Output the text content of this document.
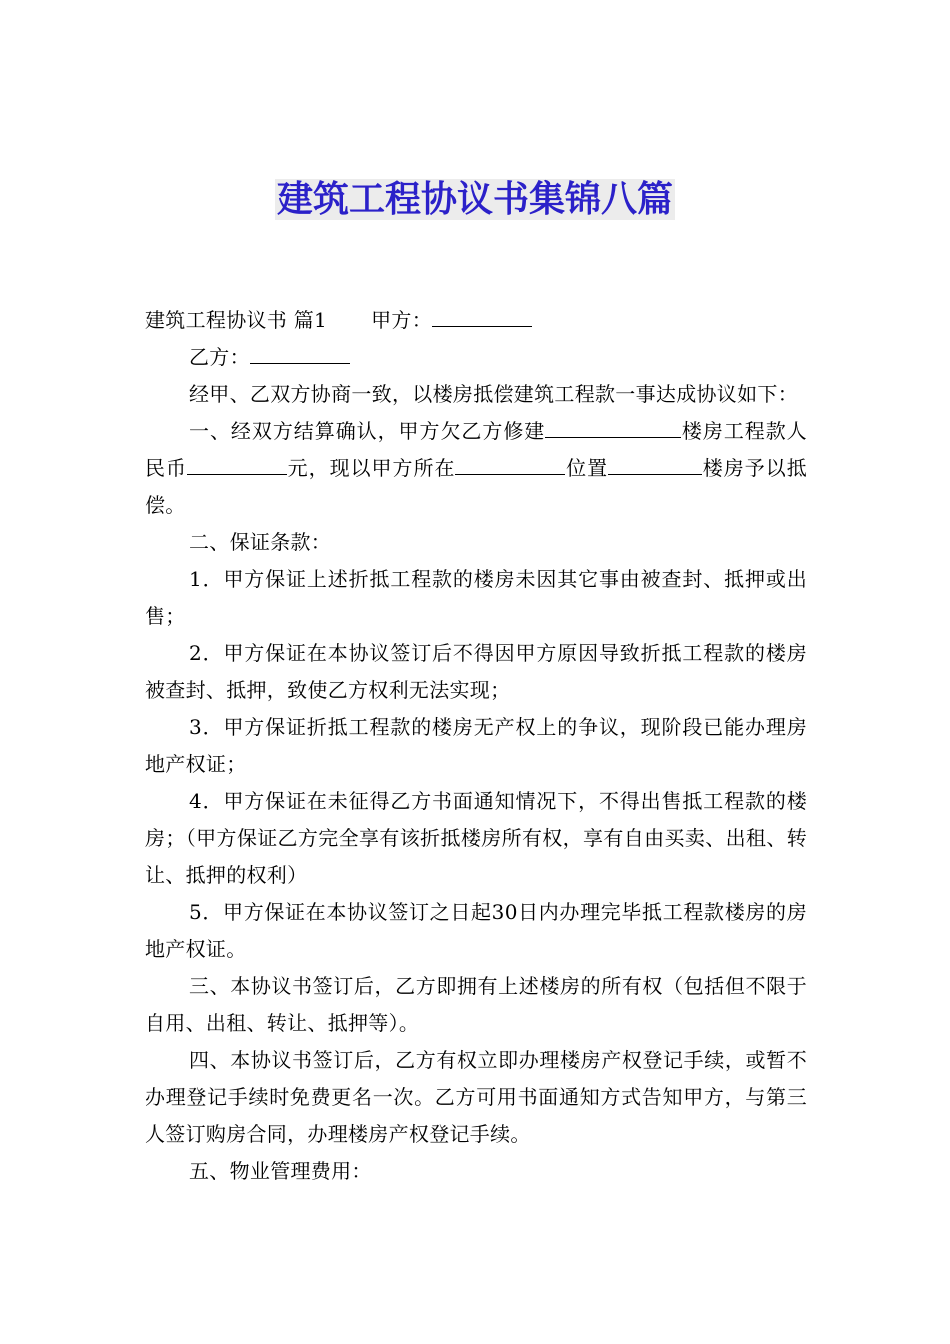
建筑工程协议书集锦八篇

建筑工程协议书 篇1 甲方：

乙方：

经甲、乙双方协商一致，以楼房抵偿建筑工程款一事达成协议如下：

一、经双方结算确认，甲方欠乙方修建	楼房工程款人民币	元，现以甲方所在	位置	楼房予以抵偿。

二、保证条款：

1．甲方保证上述折抵工程款的楼房未因其它事由被查封、抵押或出售；

2．甲方保证在本协议签订后不得因甲方原因导致折抵工程款的楼房被查封、抵押，致使乙方权利无法实现；

3．甲方保证折抵工程款的楼房无产权上的争议，现阶段已能办理房地产权证；

4．甲方保证在未征得乙方书面通知情况下，不得出售抵工程款的楼房；（甲方保证乙方完全享有该折抵楼房所有权，享有自由买卖、出租、转让、抵押的权利）

5．甲方保证在本协议签订之日起30日内办理完毕抵工程款楼房的房地产权证。

三、本协议书签订后，乙方即拥有上述楼房的所有权（包括但不限于自用、出租、转让、抵押等）。

四、本协议书签订后，乙方有权立即办理楼房产权登记手续，或暂不办理登记手续时免费更名一次。乙方可用书面通知方式告知甲方，与第三人签订购房合同，办理楼房产权登记手续。

五、物业管理费用：
